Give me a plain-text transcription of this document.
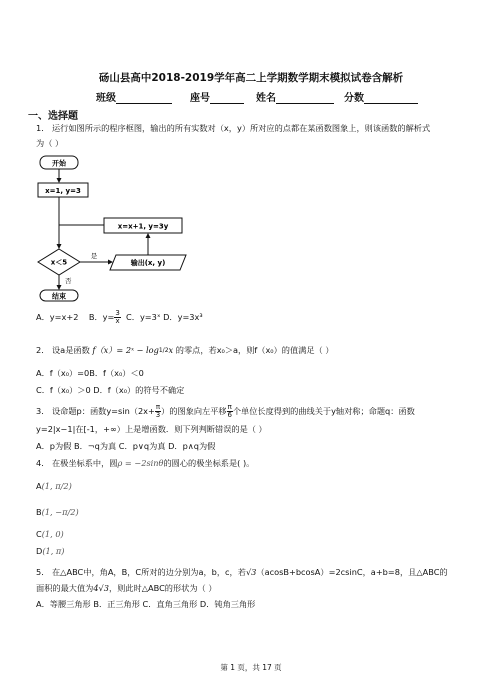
砀山县高中2018-2019学年高二上学期数学期末模拟试卷含解析
班级	座号	姓名	分数
一、选择题
1． 运行如图所示的程序框图，输出的所有实数对（x，y）所对应的点都在某函数图象上，则该函数的解析式
为（ ）
开始
x=1, y=3
x=x+1, y=3y
x＜5
是
输出(x, y)
否
结束
A．y=x+2 B．$y= \frac{3}{x}$ C．y=3ˣ D．y=3x³
2． 设a是函数 f（x）= 2ˣ − log1/2x 的零点，若x₀＞a，则f（x₀）的值满足（ ）
A．f（x₀）=0B．f（x₀）＜0
C．f（x₀）＞0 D．f（x₀）的符号不确定
3． 设命题p：函数$y=\sin(2x+ \frac{\pi}{3}$ ）的图象向左平移 $\frac{\pi}{6}$ 个单位长度得到的曲线关于y轴对称；命题q：函数
y=2|x−1|在[-1，+∞）上是增函数．则下列判断错误的是（ ）
A．p为假 B．¬q为真 C．p∨q为真 D．p∧q为假
4． 在极坐标系中，圆ρ = −2sinθ的圆心的极坐标系是( )。
A(1, π/2)
B(1, −π/2)
C(1, 0)
D(1, π)
5． 在△ABC中，角A，B，C所对的边分别为a，b，c，若√3（acosB+bcosA）=2csinC，a+b=8，且△ABC的
面积的最大值为4√3，则此时△ABC的形状为（ ）
A．等腰三角形 B．正三角形 C．直角三角形 D．钝角三角形
第 1 页，共 17 页
